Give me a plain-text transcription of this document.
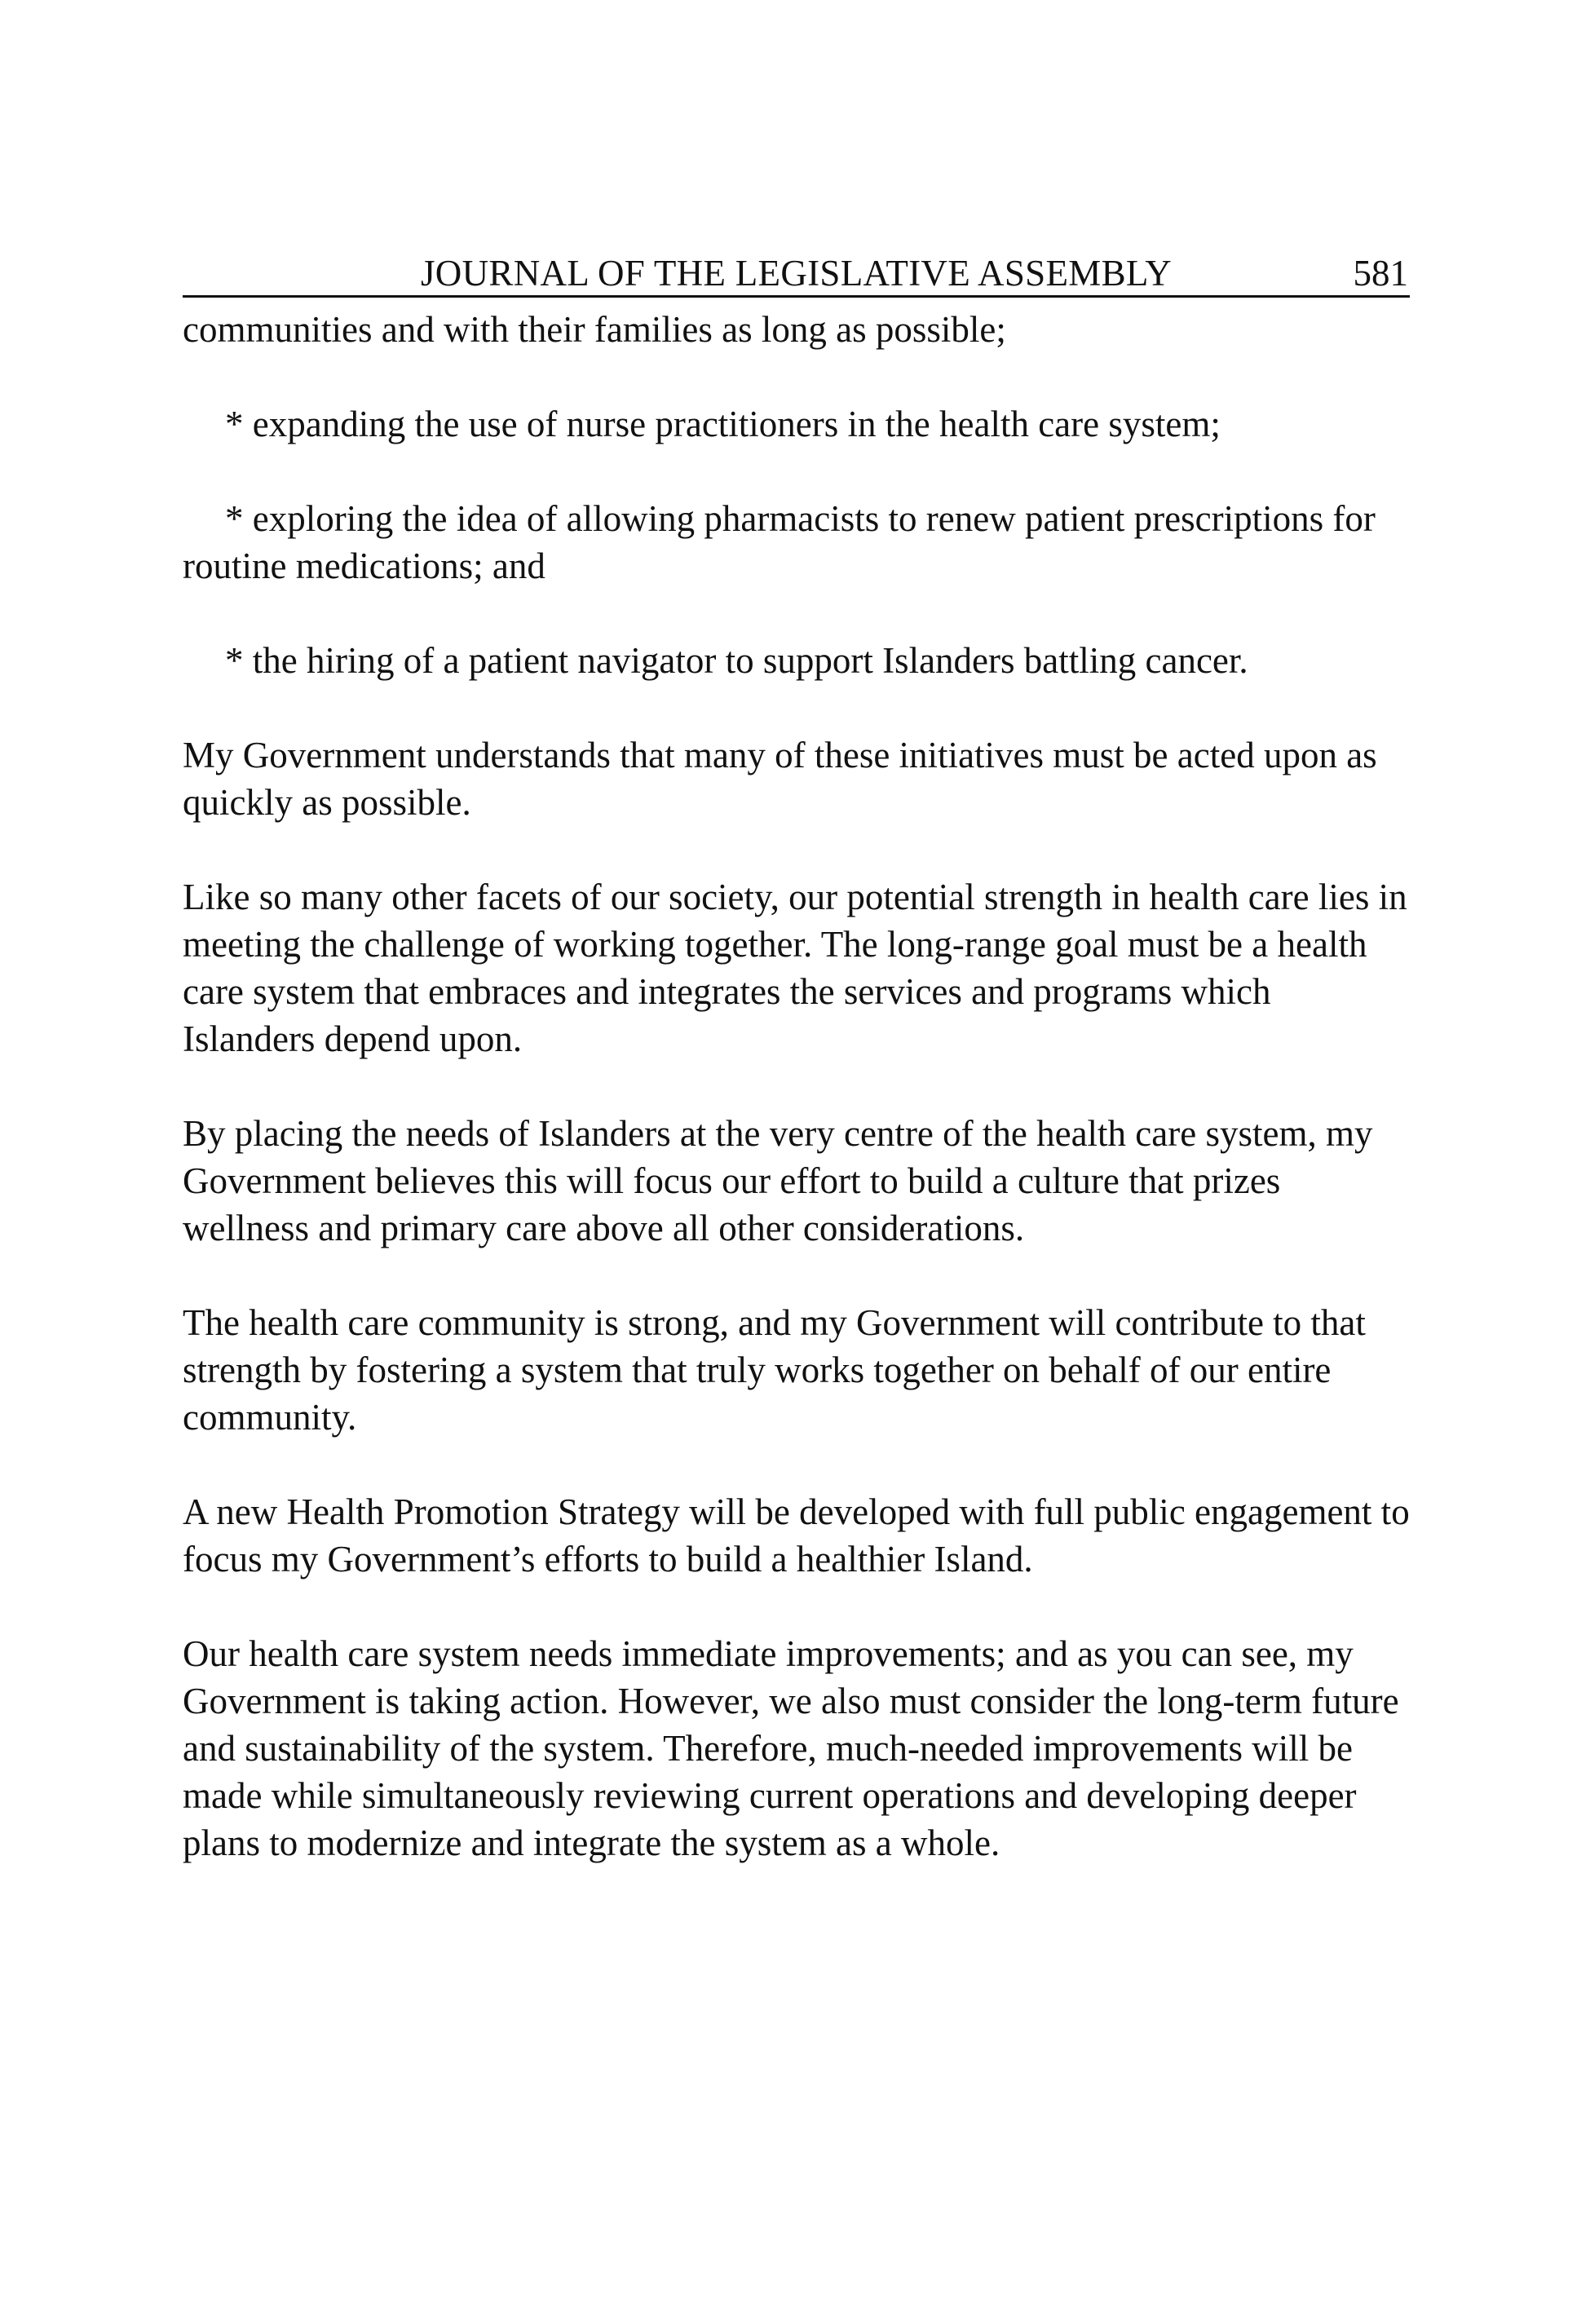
JOURNAL OF THE LEGISLATIVE ASSEMBLY	581

communities and with their families as long as possible;

* expanding the use of nurse practitioners in the health care system;

* exploring the idea of allowing pharmacists to renew patient prescriptions for routine medications; and

* the hiring of a patient navigator to support Islanders battling cancer.

My Government understands that many of these initiatives must be acted upon as quickly as possible.

Like so many other facets of our society, our potential strength in health care lies in meeting the challenge of working together. The long-range goal must be a health care system that embraces and integrates the services and programs which Islanders depend upon.

By placing the needs of Islanders at the very centre of the health care system, my Government believes this will focus our effort to build a culture that prizes wellness and primary care above all other considerations.

The health care community is strong, and my Government will contribute to that strength by fostering a system that truly works together on behalf of our entire community.

A new Health Promotion Strategy will be developed with full public engagement to focus my Government’s efforts to build a healthier Island.

Our health care system needs immediate improvements; and as you can see, my Government is taking action. However, we also must consider the long-term future and sustainability of the system. Therefore, much-needed improvements will be made while simultaneously reviewing current operations and developing deeper plans to modernize and integrate the system as a whole.
